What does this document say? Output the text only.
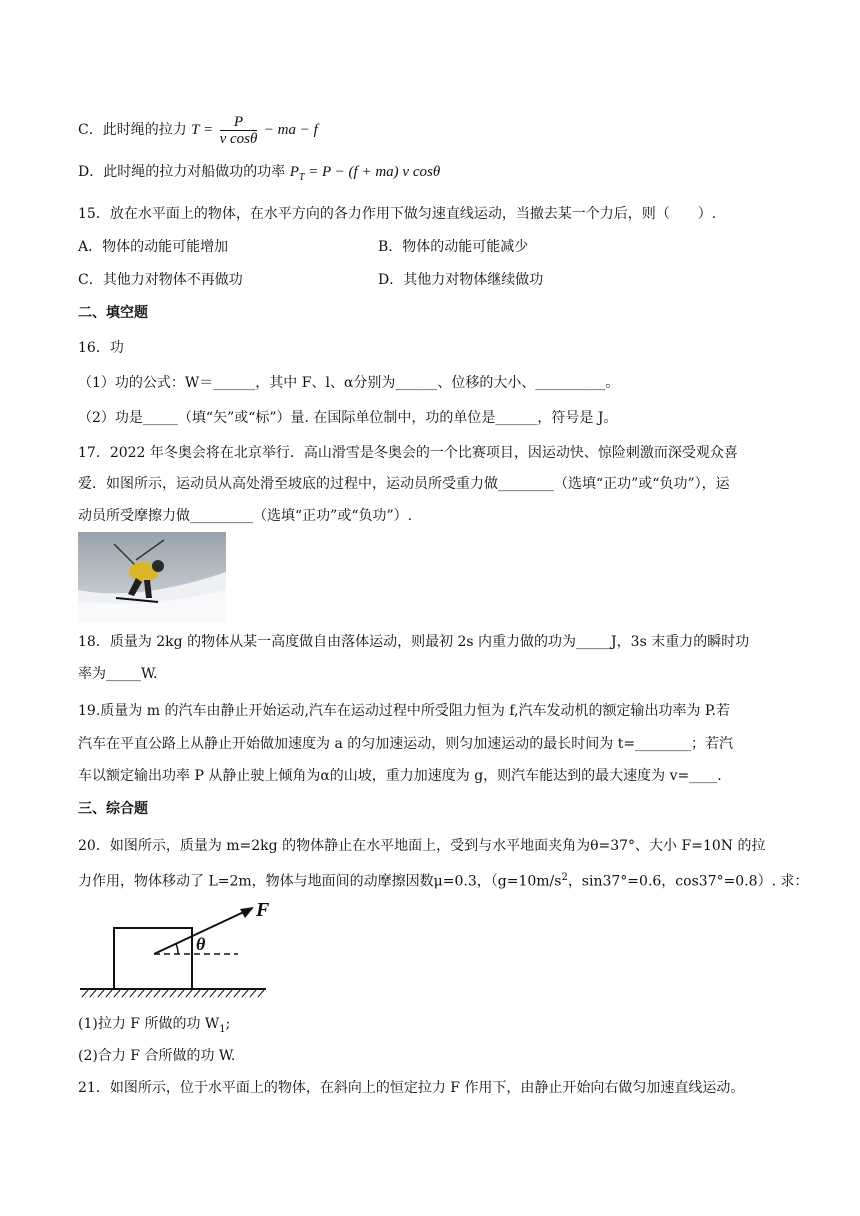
C．此时绳的拉力 $T = \frac{P}{\text{v cosθ}}$ − ma − f
D．此时绳的拉力对船做功的功率 $P_T = P - (f + ma)$ v cosθ
15．放在水平面上的物体，在水平方向的各力作用下做匀速直线运动，当撤去某一个力后，则（　　）.
A．物体的动能可能增加	B．物体的动能可能减少
C．其他力对物体不再做功	D．其他力对物体继续做功
二、填空题
16．功
（1）功的公式：W＝______，其中 F、l、α分别为______、位移的大小、__________。
（2）功是_____（填“矢”或“标”）量. 在国际单位制中，功的单位是______，符号是 J。
17．2022 年冬奥会将在北京举行．高山滑雪是冬奥会的一个比赛项目，因运动快、惊险刺激而深受观众喜
爱．如图所示，运动员从高处滑至坡底的过程中，运动员所受重力做________（选填“正功”或“负功”），运
动员所受摩擦力做_________（选填“正功”或“负功”）.
18．质量为 2kg 的物体从某一高度做自由落体运动，则最初 2s 内重力做的功为_____J，3s 末重力的瞬时功
率为_____W.
19.质量为 m 的汽车由静止开始运动,汽车在运动过程中所受阻力恒为 f,汽车发动机的额定输出功率为 P.若
汽车在平直公路上从静止开始做加速度为 a 的匀加速运动，则匀加速运动的最长时间为 t=________；若汽
车以额定输出功率 P 从静止驶上倾角为α的山坡，重力加速度为 g，则汽车能达到的最大速度为 v=____.
三、综合题
20．如图所示，质量为 m=2kg 的物体静止在水平地面上，受到与水平地面夹角为θ=37°、大小 F=10N 的拉
力作用，物体移动了 L=2m，物体与地面间的动摩擦因数μ=0.3，（$g=10m/s^2$，sin37°=0.6，cos37°=0.8）. 求：
F
θ
(1)拉力 F 所做的功 $W_1$;
(2)合力 F 合所做的功 W.
21．如图所示，位于水平面上的物体，在斜向上的恒定拉力 F 作用下，由静止开始向右做匀加速直线运动。
